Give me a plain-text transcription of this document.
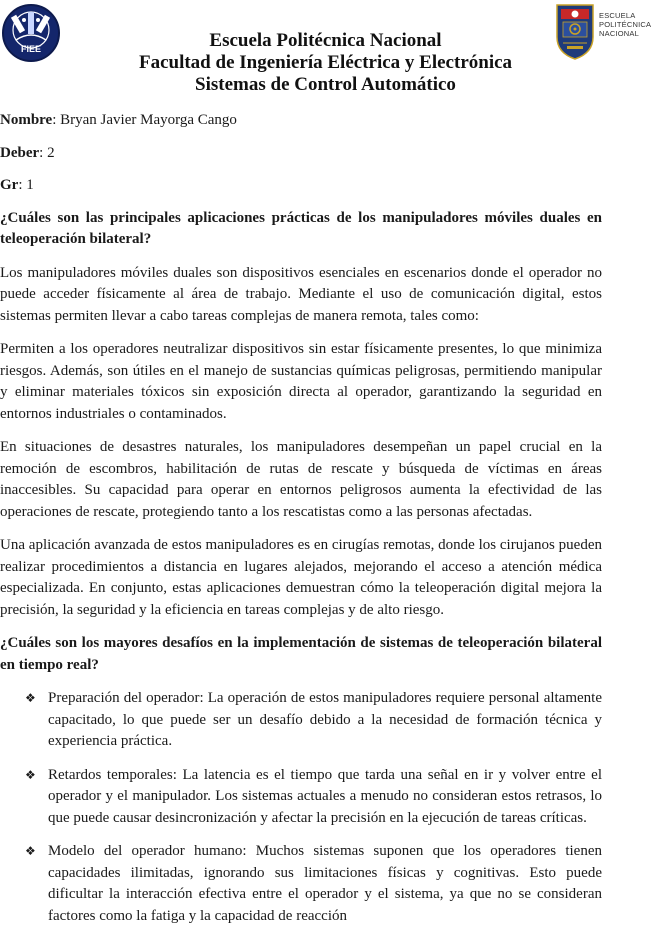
FIEE
ESCUELA
POLITÉCNICA
NACIONAL
Escuela Politécnica Nacional
Facultad de Ingeniería Eléctrica y Electrónica
Sistemas de Control Automático
Nombre: Bryan Javier Mayorga Cango
Deber: 2
Gr: 1
¿Cuáles son las principales aplicaciones prácticas de los manipuladores móviles duales en teleoperación bilateral?
Los manipuladores móviles duales son dispositivos esenciales en escenarios donde el operador no puede acceder físicamente al área de trabajo. Mediante el uso de comunicación digital, estos sistemas permiten llevar a cabo tareas complejas de manera remota, tales como:
Permiten a los operadores neutralizar dispositivos sin estar físicamente presentes, lo que minimiza riesgos. Además, son útiles en el manejo de sustancias químicas peligrosas, permitiendo manipular y eliminar materiales tóxicos sin exposición directa al operador, garantizando la seguridad en entornos industriales o contaminados.
En situaciones de desastres naturales, los manipuladores desempeñan un papel crucial en la remoción de escombros, habilitación de rutas de rescate y búsqueda de víctimas en áreas inaccesibles. Su capacidad para operar en entornos peligrosos aumenta la efectividad de las operaciones de rescate, protegiendo tanto a los rescatistas como a las personas afectadas.
Una aplicación avanzada de estos manipuladores es en cirugías remotas, donde los cirujanos pueden realizar procedimientos a distancia en lugares alejados, mejorando el acceso a atención médica especializada. En conjunto, estas aplicaciones demuestran cómo la teleoperación digital mejora la precisión, la seguridad y la eficiencia en tareas complejas y de alto riesgo.
¿Cuáles son los mayores desafíos en la implementación de sistemas de teleoperación bilateral en tiempo real?
❖ Preparación del operador: La operación de estos manipuladores requiere personal altamente capacitado, lo que puede ser un desafío debido a la necesidad de formación técnica y experiencia práctica.
❖ Retardos temporales: La latencia es el tiempo que tarda una señal en ir y volver entre el operador y el manipulador. Los sistemas actuales a menudo no consideran estos retrasos, lo que puede causar desincronización y afectar la precisión en la ejecución de tareas críticas.
❖ Modelo del operador humano: Muchos sistemas suponen que los operadores tienen capacidades ilimitadas, ignorando sus limitaciones físicas y cognitivas. Esto puede dificultar la interacción efectiva entre el operador y el sistema, ya que no se consideran factores como la fatiga y la capacidad de reacción
